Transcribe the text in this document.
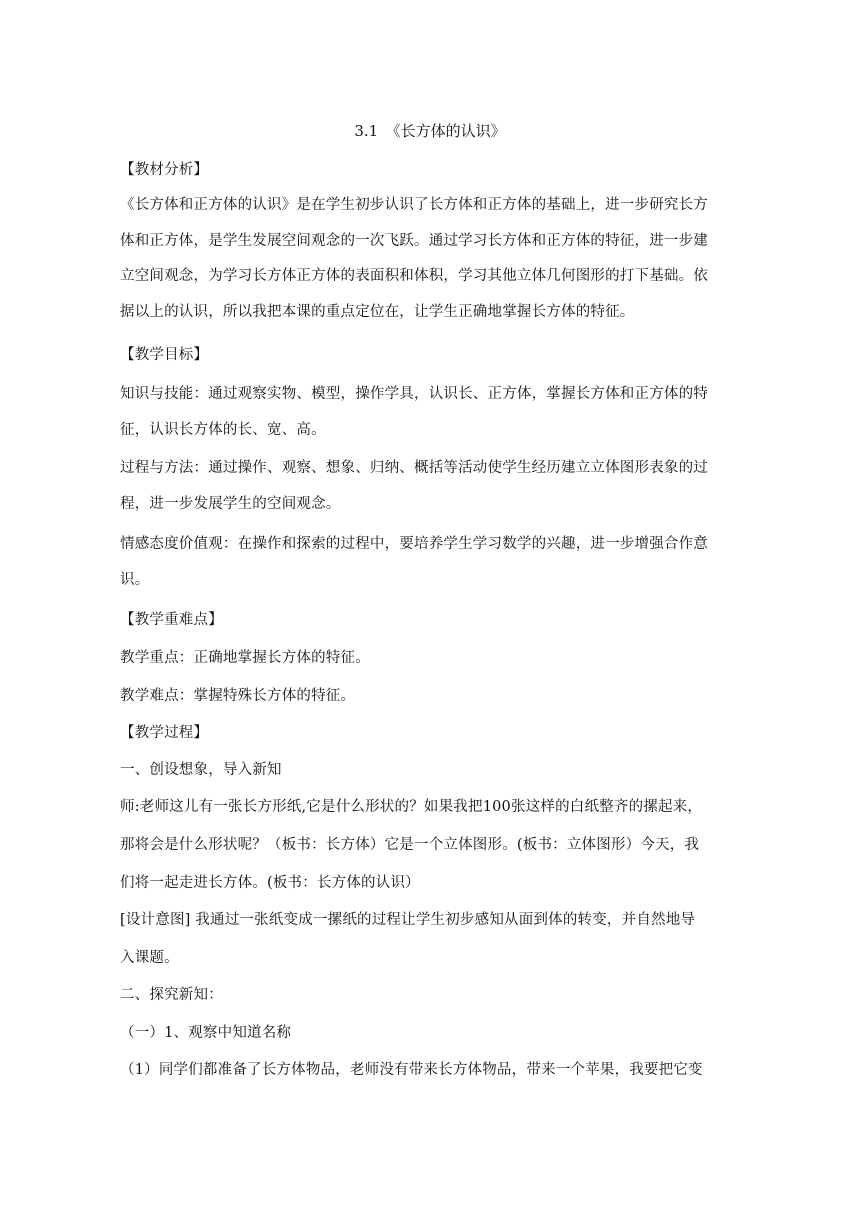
3.1　《长方体的认识》
【教材分析】
《长方体和正方体的认识》是在学生初步认识了长方体和正方体的基础上，进一步研究长方
体和正方体，是学生发展空间观念的一次飞跃。通过学习长方体和正方体的特征，进一步建
立空间观念，为学习长方体正方体的表面积和体积，学习其他立体几何图形的打下基础。依
据以上的认识，所以我把本课的重点定位在，让学生正确地掌握长方体的特征。
【教学目标】
知识与技能：通过观察实物、模型，操作学具，认识长、正方体，掌握长方体和正方体的特
征，认识长方体的长、宽、高。
过程与方法：通过操作、观察、想象、归纳、概括等活动使学生经历建立立体图形表象的过
程，进一步发展学生的空间观念。
情感态度价值观：在操作和探索的过程中，要培养学生学习数学的兴趣，进一步增强合作意
识。
【教学重难点】
教学重点：正确地掌握长方体的特征。
教学难点：掌握特殊长方体的特征。
【教学过程】
一、创设想象，导入新知
师:老师这儿有一张长方形纸,它是什么形状的？如果我把100张这样的白纸整齐的摞起来，
那将会是什么形状呢？（板书：长方体）它是一个立体图形。(板书：立体图形）今天，我
们将一起走进长方体。(板书：长方体的认识）
[设计意图] 我通过一张纸变成一摞纸的过程让学生初步感知从面到体的转变，并自然地导
入课题。
二、探究新知：
（一）1、观察中知道名称
（1）同学们都准备了长方体物品，老师没有带来长方体物品，带来一个苹果，我要把它变
